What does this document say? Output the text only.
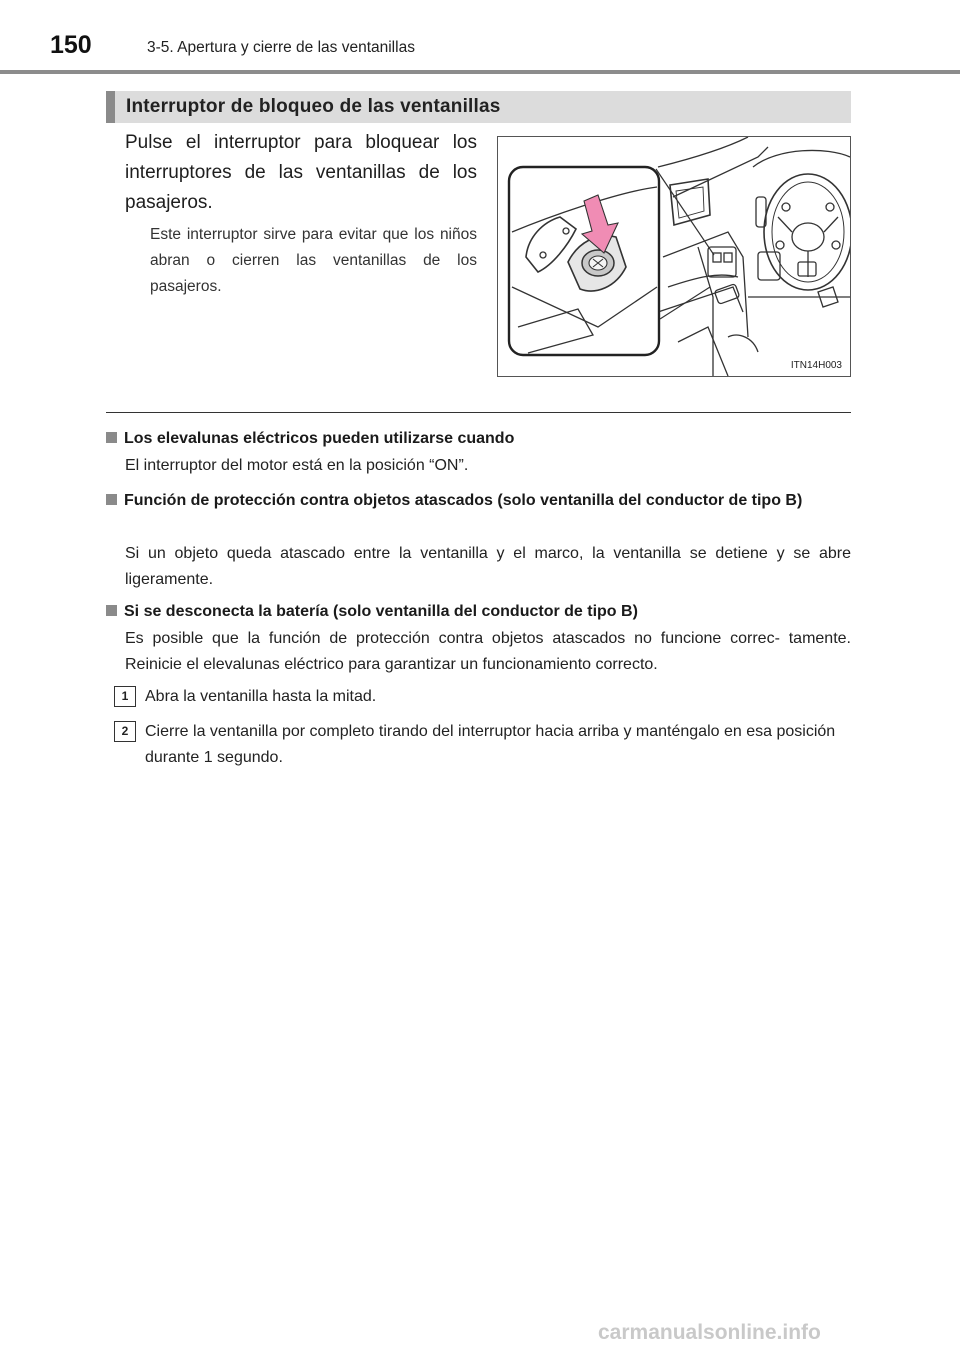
150	3-5. Apertura y cierre de las ventanillas
Interruptor de bloqueo de las ventanillas
Pulse el interruptor para bloquear los interruptores de las ventanillas de los pasajeros.
Este interruptor sirve para evitar que los niños abran o cierren las ventanillas de los pasajeros.
ITN14H003
Los elevalunas eléctricos pueden utilizarse cuando
El interruptor del motor está en la posición “ON”.
Función de protección contra objetos atascados (solo ventanilla del conductor de tipo B)
Si un objeto queda atascado entre la ventanilla y el marco, la ventanilla se detiene y se abre ligeramente.
Si se desconecta la batería (solo ventanilla del conductor de tipo B)
Es posible que la función de protección contra objetos atascados no funcione correc- tamente. Reinicie el elevalunas eléctrico para garantizar un funcionamiento correcto.
1	Abra la ventanilla hasta la mitad.
2	Cierre la ventanilla por completo tirando del interruptor hacia arriba y manténgalo en esa posición durante 1 segundo.
carmanualsonline.info
